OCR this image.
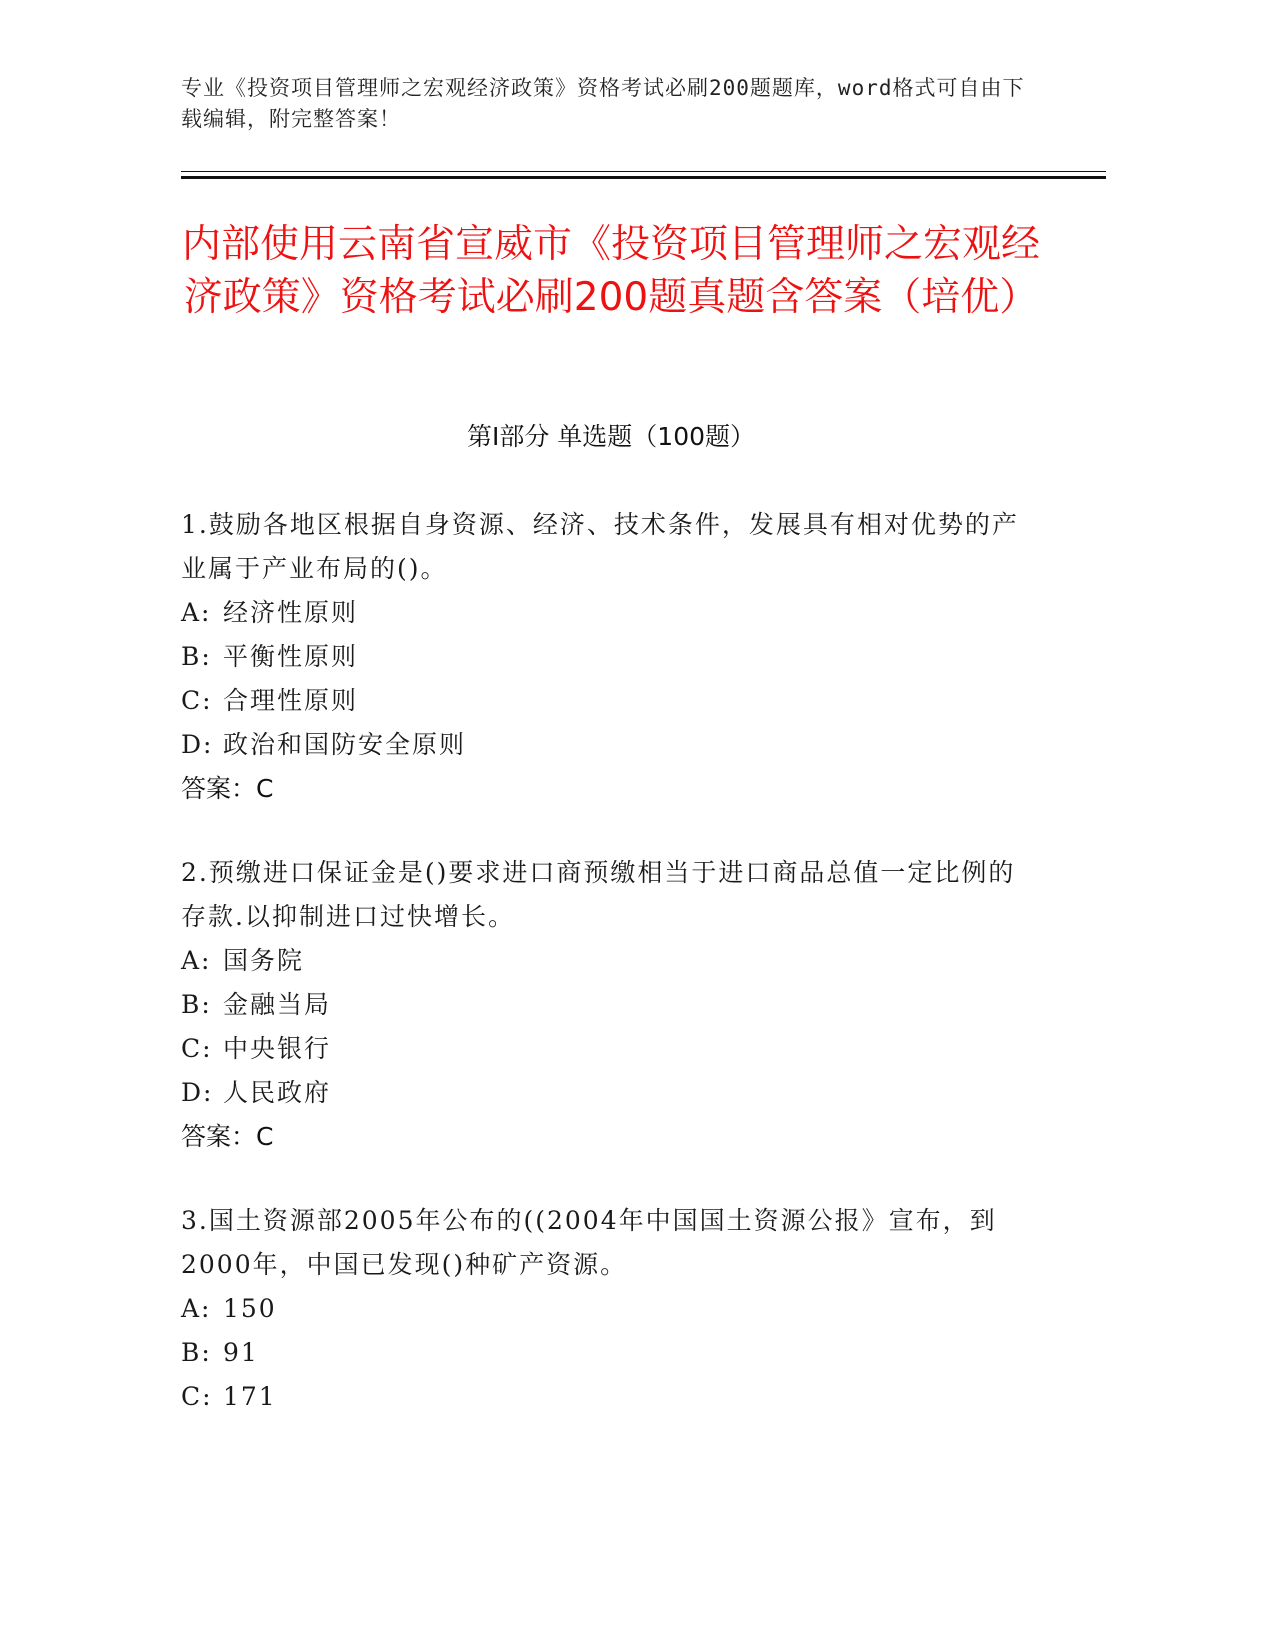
专业《投资项目管理师之宏观经济政策》资格考试必刷200题题库，word格式可自由下载编辑，附完整答案！
内部使用云南省宣威市《投资项目管理师之宏观经济政策》资格考试必刷200题真题含答案（培优）
第Ⅰ部分 单选题（100题）
1.鼓励各地区根据自身资源、经济、技术条件，发展具有相对优势的产业属于产业布局的()。
A: 经济性原则
B: 平衡性原则
C: 合理性原则
D: 政治和国防安全原则
答案：C
2.预缴进口保证金是()要求进口商预缴相当于进口商品总值一定比例的存款.以抑制进口过快增长。
A: 国务院
B: 金融当局
C: 中央银行
D: 人民政府
答案：C
3.国土资源部2005年公布的((2004年中国国土资源公报》宣布，到2000年，中国已发现()种矿产资源。
A: 150
B: 91
C: 171
